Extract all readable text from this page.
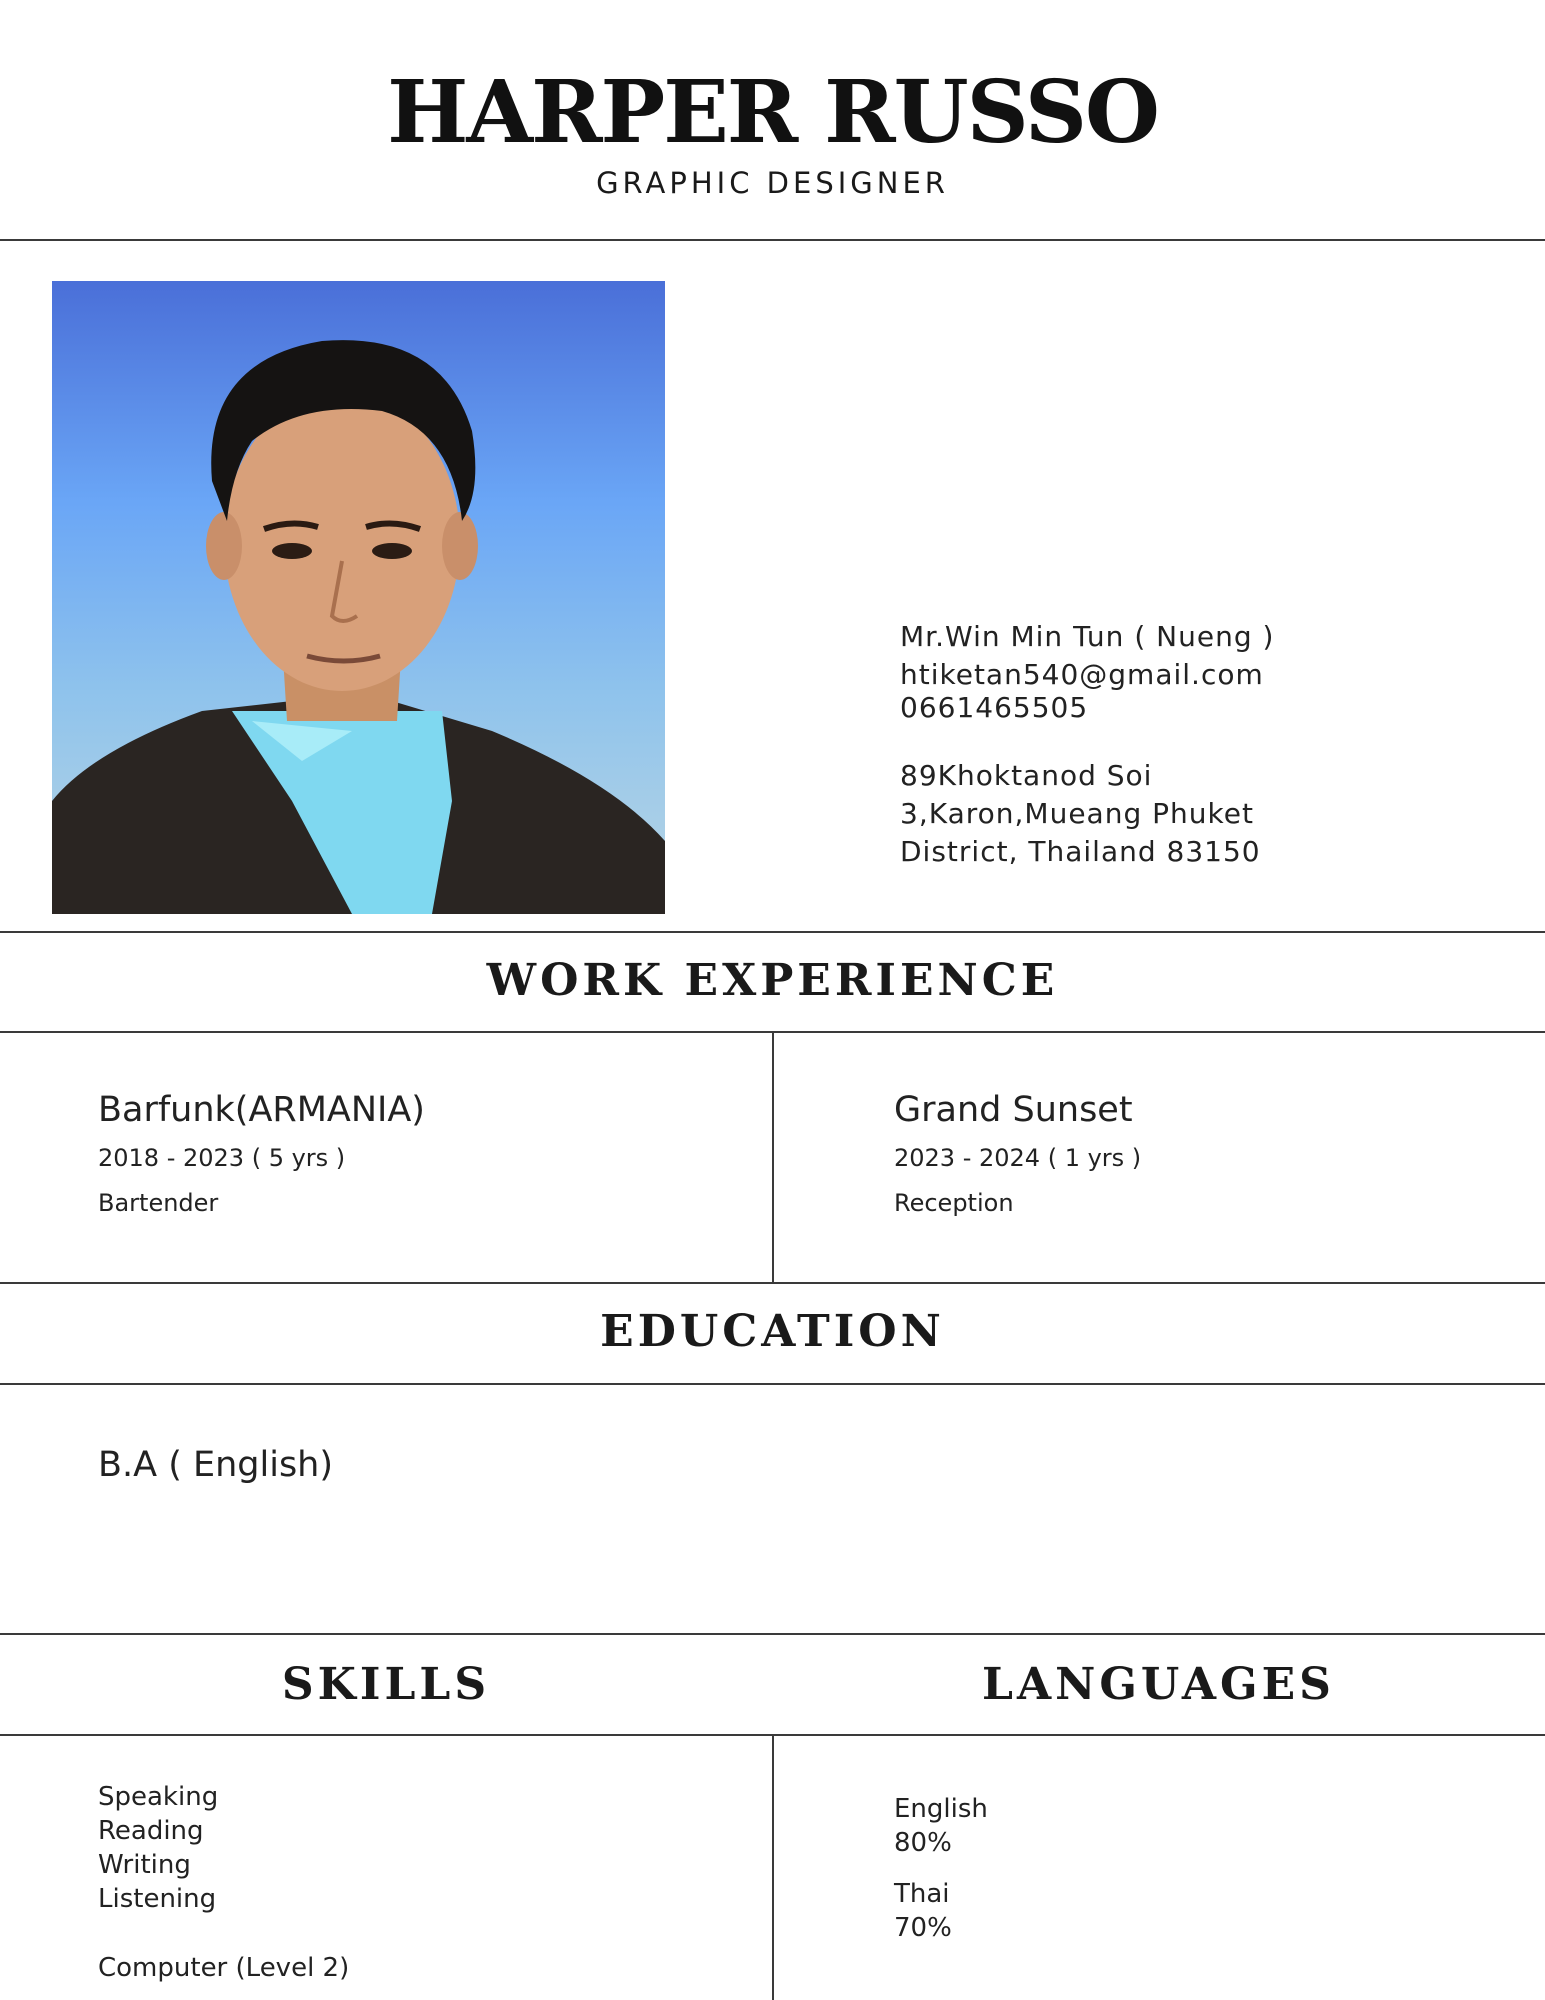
HARPER RUSSO
GRAPHIC DESIGNER
Mr.Win Min Tun ( Nueng )
htiketan540@gmail.com
0661465505
89Khoktanod Soi
3,Karon,Mueang Phuket
District, Thailand 83150
WORK EXPERIENCE
Barfunk(ARMANIA)
2018 - 2023 ( 5 yrs )
Bartender
Grand Sunset
2023 - 2024 ( 1 yrs )
Reception
EDUCATION
B.A ( English)
SKILLS	LANGUAGES
Speaking
Reading
Writing
Listening
Computer (Level 2)
English
80%
Thai
70%
